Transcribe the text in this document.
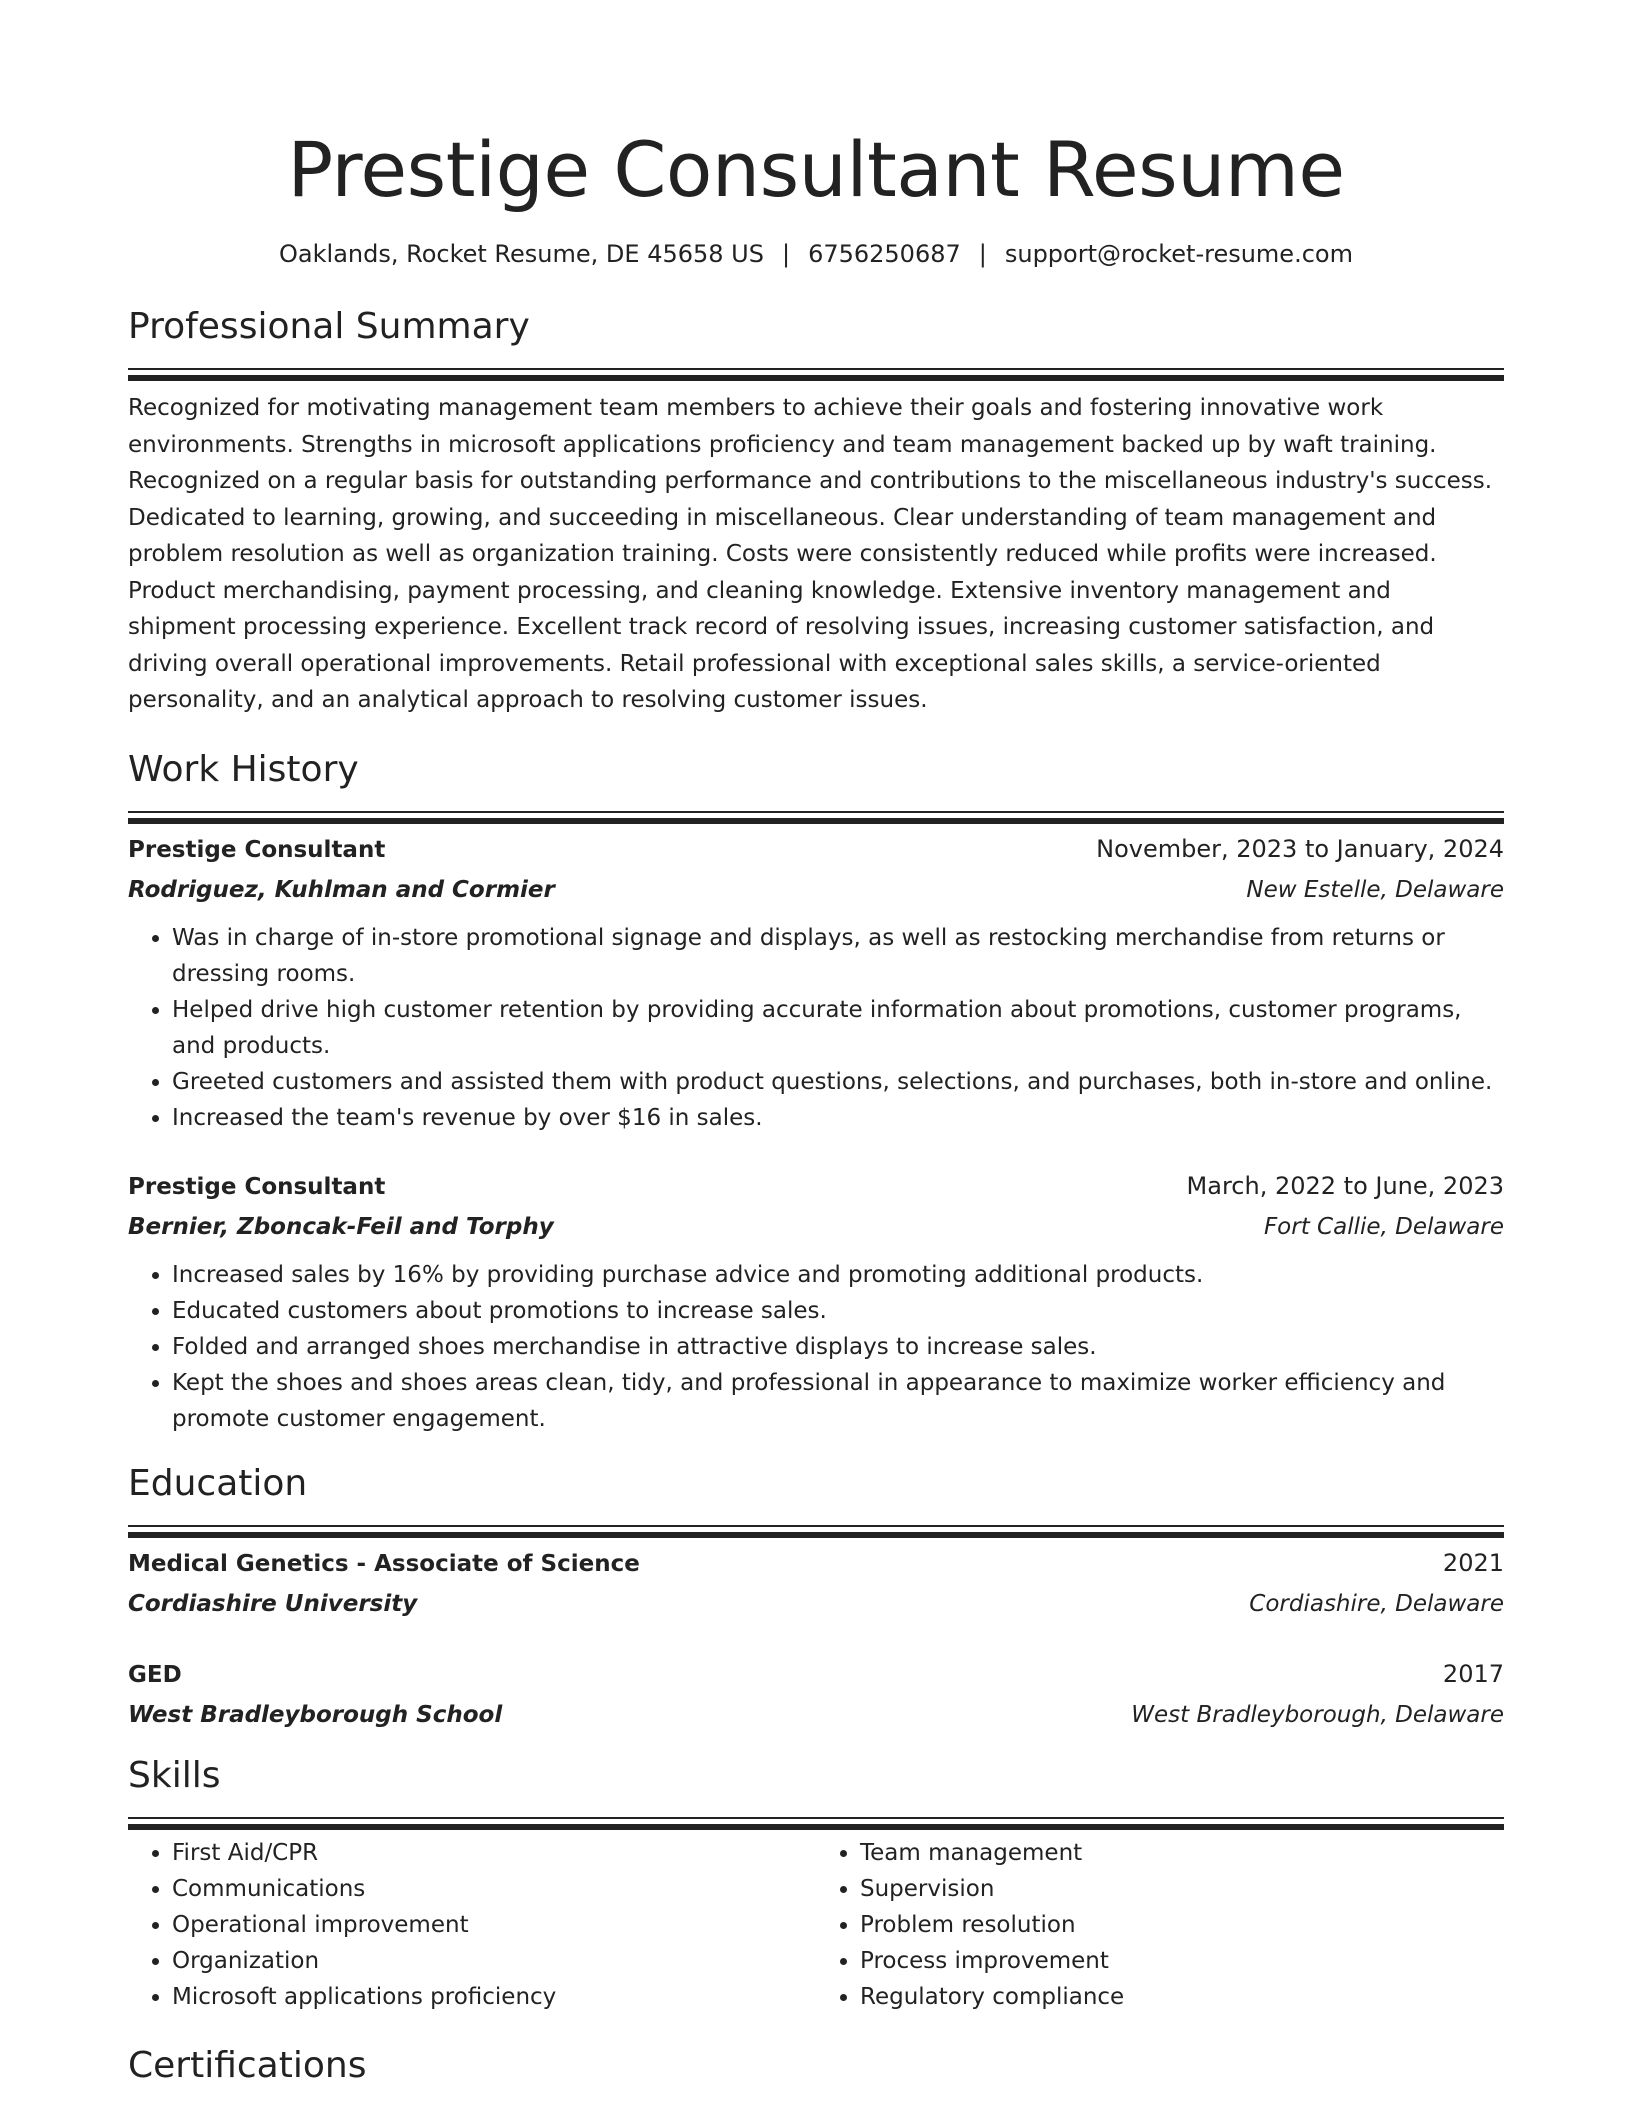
Prestige Consultant Resume
Oaklands, Rocket Resume, DE 45658 US | 6756250687 | support@rocket-resume.com
Professional Summary

Recognized for motivating management team members to achieve their goals and fostering innovative work environments. Strengths in microsoft applications proficiency and team management backed up by waft training. Recognized on a regular basis for outstanding performance and contributions to the miscellaneous industry's success. Dedicated to learning, growing, and succeeding in miscellaneous. Clear understanding of team management and problem resolution as well as organization training. Costs were consistently reduced while profits were increased. Product merchandising, payment processing, and cleaning knowledge. Extensive inventory management and shipment processing experience. Excellent track record of resolving issues, increasing customer satisfaction, and driving overall operational improvements. Retail professional with exceptional sales skills, a service-oriented personality, and an analytical approach to resolving customer issues.

Work History
Prestige Consultant	November, 2023 to January, 2024
Rodriguez, Kuhlman and Cormier	New Estelle, Delaware
• Was in charge of in-store promotional signage and displays, as well as restocking merchandise from returns or dressing rooms.
• Helped drive high customer retention by providing accurate information about promotions, customer programs, and products.
• Greeted customers and assisted them with product questions, selections, and purchases, both in-store and online.
• Increased the team's revenue by over $16 in sales.
Prestige Consultant	March, 2022 to June, 2023
Bernier, Zboncak-Feil and Torphy	Fort Callie, Delaware
• Increased sales by 16% by providing purchase advice and promoting additional products.
• Educated customers about promotions to increase sales.
• Folded and arranged shoes merchandise in attractive displays to increase sales.
• Kept the shoes and shoes areas clean, tidy, and professional in appearance to maximize worker efficiency and promote customer engagement.
Education
Medical Genetics - Associate of Science	2021
Cordiashire University	Cordiashire, Delaware
GED	2017
West Bradleyborough School	West Bradleyborough, Delaware
Skills
• First Aid/CPR
• Communications
• Operational improvement
• Organization
• Microsoft applications proficiency
• Team management
• Supervision
• Problem resolution
• Process improvement
• Regulatory compliance
Certifications
